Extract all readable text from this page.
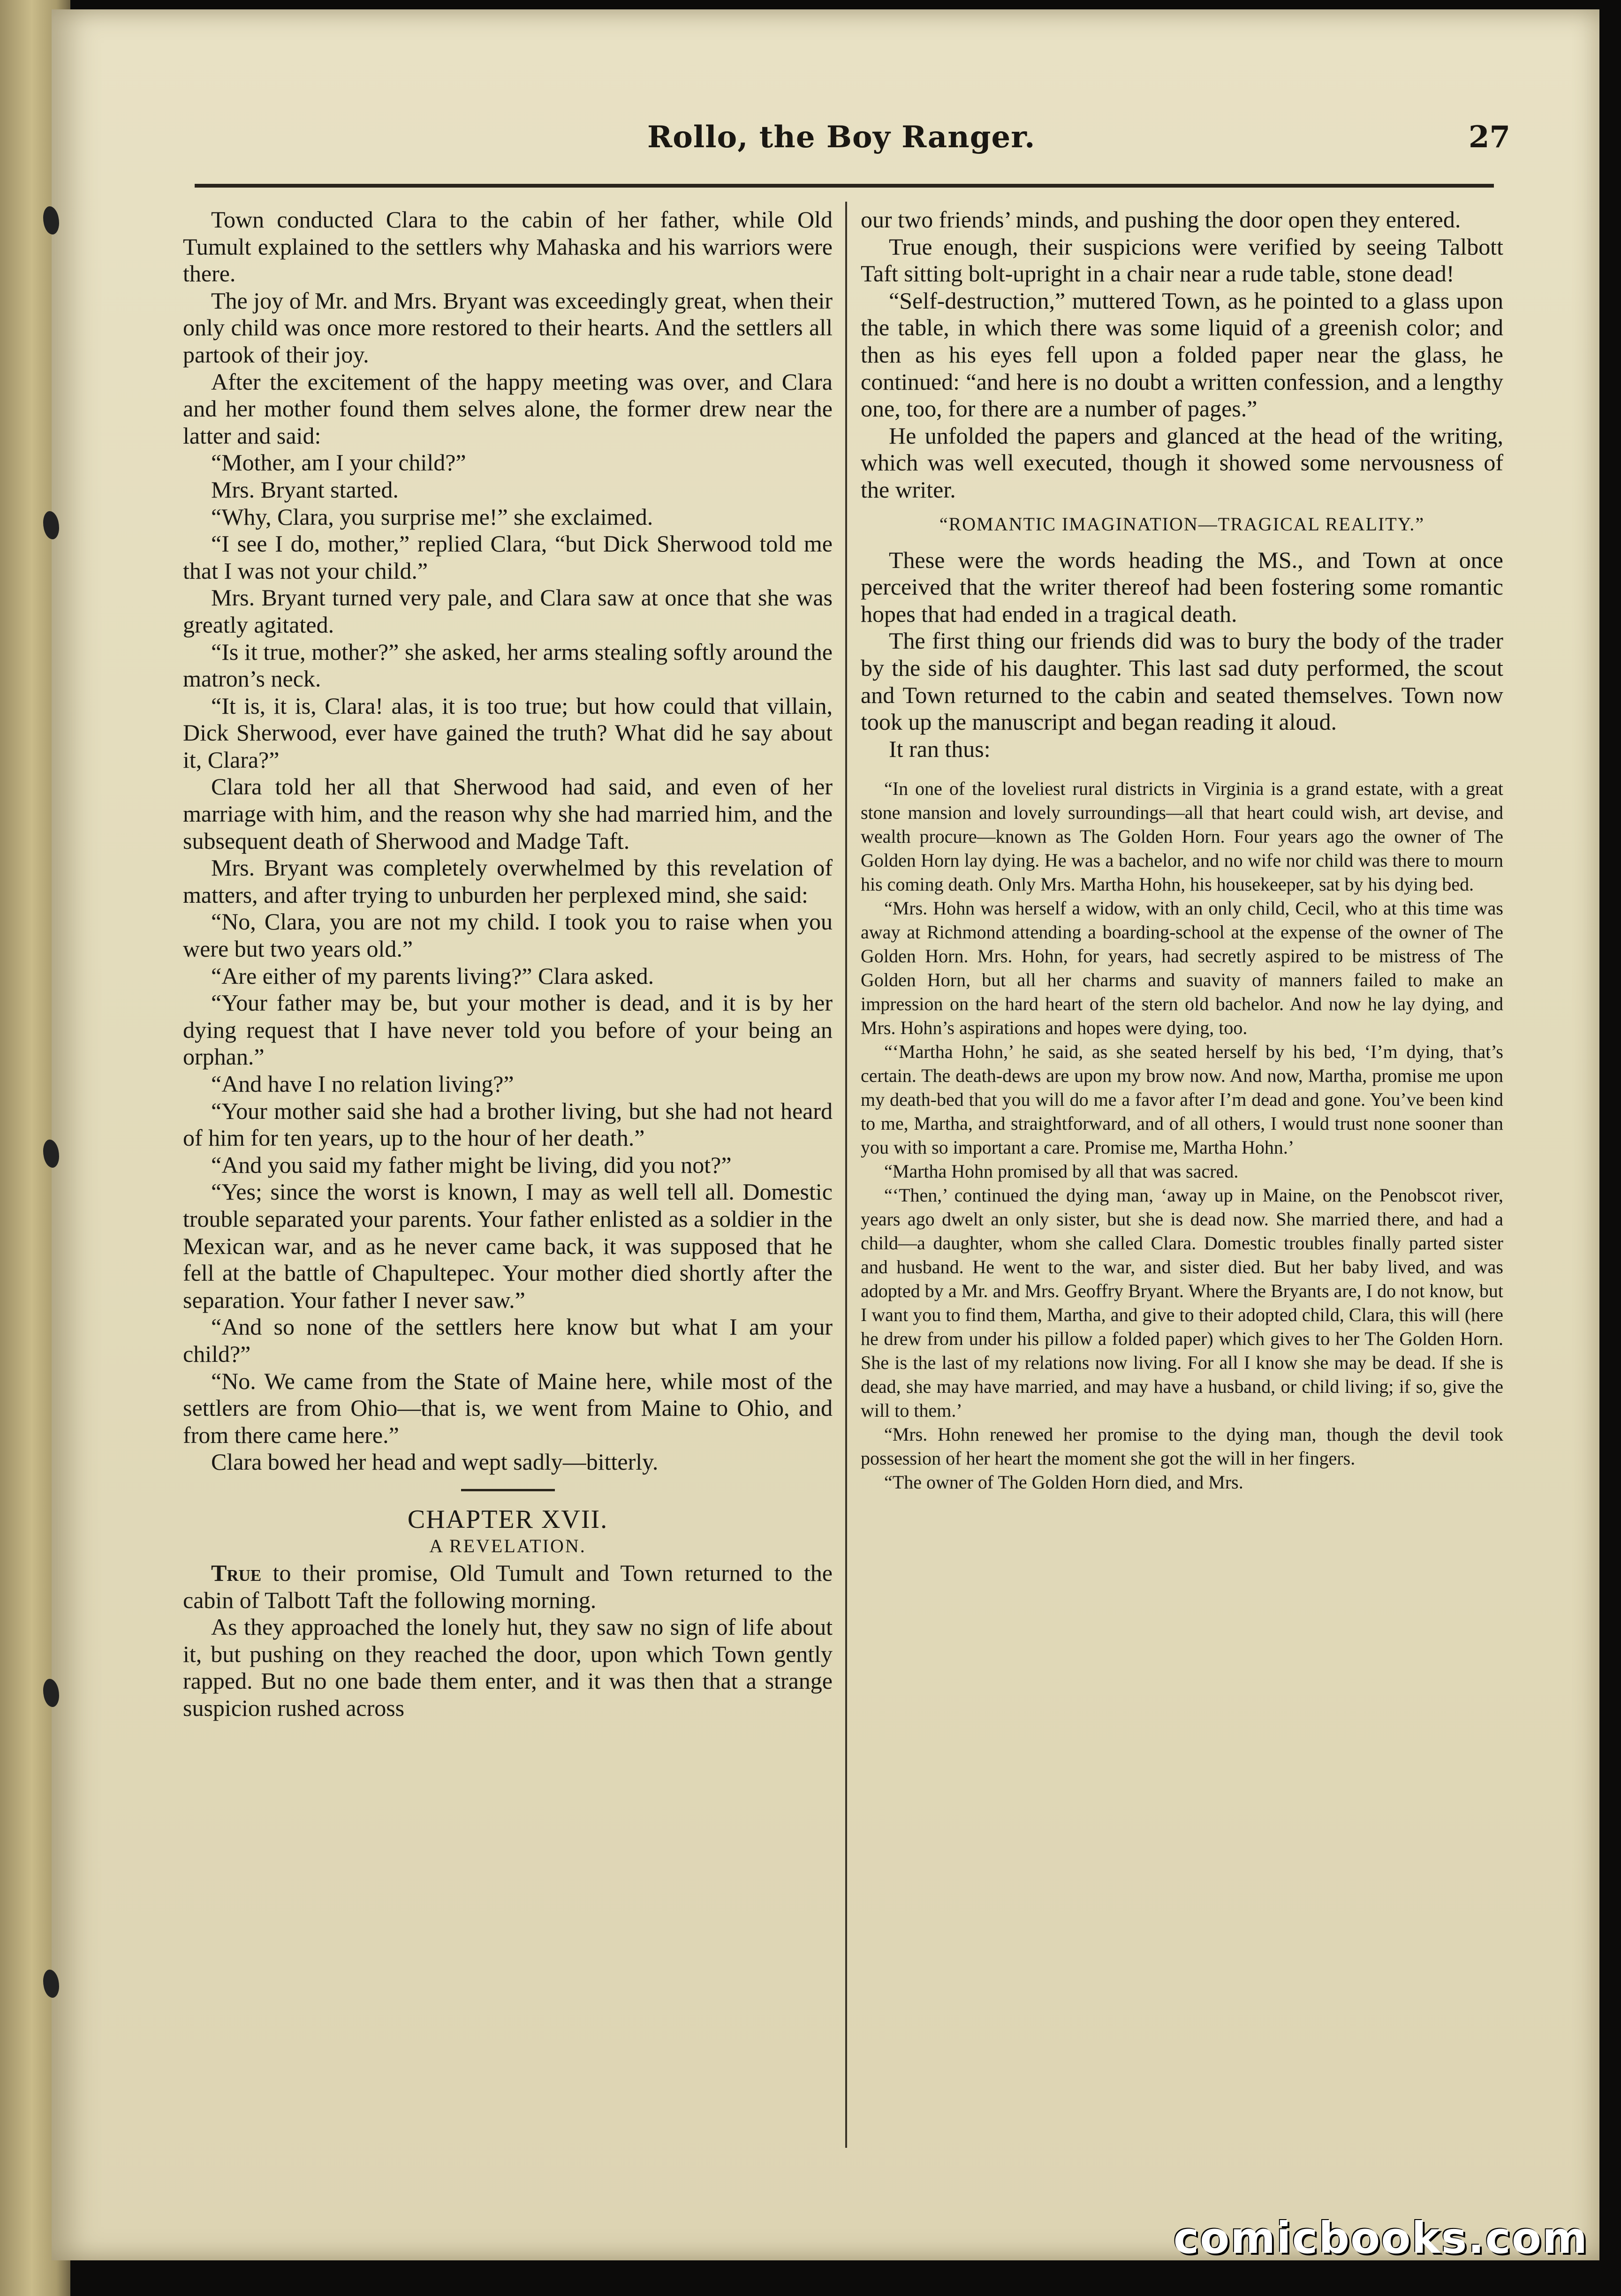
Rollo, the Boy Ranger.	27

Town conducted Clara to the cabin of her father, while Old Tumult explained to the settlers why Mahaska and his warriors were there.

The joy of Mr. and Mrs. Bryant was exceedingly great, when their only child was once more restored to their hearts. And the settlers all partook of their joy.

After the excitement of the happy meeting was over, and Clara and her mother found them selves alone, the former drew near the latter and said:

“Mother, am I your child?”

Mrs. Bryant started.

“Why, Clara, you surprise me!” she exclaimed.

“I see I do, mother,” replied Clara, “but Dick Sherwood told me that I was not your child.”

Mrs. Bryant turned very pale, and Clara saw at once that she was greatly agitated.

“Is it true, mother?” she asked, her arms stealing softly around the matron’s neck.

“It is, it is, Clara! alas, it is too true; but how could that villain, Dick Sherwood, ever have gained the truth? What did he say about it, Clara?”

Clara told her all that Sherwood had said, and even of her marriage with him, and the reason why she had married him, and the subsequent death of Sherwood and Madge Taft.

Mrs. Bryant was completely overwhelmed by this revelation of matters, and after trying to unburden her perplexed mind, she said:

“No, Clara, you are not my child. I took you to raise when you were but two years old.”

“Are either of my parents living?” Clara asked.

“Your father may be, but your mother is dead, and it is by her dying request that I have never told you before of your being an orphan.”

“And have I no relation living?”

“Your mother said she had a brother living, but she had not heard of him for ten years, up to the hour of her death.”

“And you said my father might be living, did you not?”

“Yes; since the worst is known, I may as well tell all. Domestic trouble separated your parents. Your father enlisted as a soldier in the Mexican war, and as he never came back, it was supposed that he fell at the battle of Chapultepec. Your mother died shortly after the separation. Your father I never saw.”

“And so none of the settlers here know but what I am your child?”

“No. We came from the State of Maine here, while most of the settlers are from Ohio—that is, we went from Maine to Ohio, and from there came here.”

Clara bowed her head and wept sadly—bitterly.

CHAPTER XVII.

A REVELATION.

True to their promise, Old Tumult and Town returned to the cabin of Talbott Taft the following morning.

As they approached the lonely hut, they saw no sign of life about it, but pushing on they reached the door, upon which Town gently rapped. But no one bade them enter, and it was then that a strange suspicion rushed across

our two friends’ minds, and pushing the door open they entered.

True enough, their suspicions were verified by seeing Talbott Taft sitting bolt-upright in a chair near a rude table, stone dead!

“Self-destruction,” muttered Town, as he pointed to a glass upon the table, in which there was some liquid of a greenish color; and then as his eyes fell upon a folded paper near the glass, he continued: “and here is no doubt a written confession, and a lengthy one, too, for there are a number of pages.”

He unfolded the papers and glanced at the head of the writing, which was well executed, though it showed some nervousness of the writer.

“ROMANTIC IMAGINATION—TRAGICAL REALITY.”

These were the words heading the MS., and Town at once perceived that the writer thereof had been fostering some romantic hopes that had ended in a tragical death.

The first thing our friends did was to bury the body of the trader by the side of his daughter. This last sad duty performed, the scout and Town returned to the cabin and seated themselves. Town now took up the manuscript and began reading it aloud.

It ran thus:

“In one of the loveliest rural districts in Virginia is a grand estate, with a great stone mansion and lovely surroundings—all that heart could wish, art devise, and wealth procure—known as The Golden Horn. Four years ago the owner of The Golden Horn lay dying. He was a bachelor, and no wife nor child was there to mourn his coming death. Only Mrs. Martha Hohn, his housekeeper, sat by his dying bed.

“Mrs. Hohn was herself a widow, with an only child, Cecil, who at this time was away at Richmond attending a boarding-school at the expense of the owner of The Golden Horn. Mrs. Hohn, for years, had secretly aspired to be mistress of The Golden Horn, but all her charms and suavity of manners failed to make an impression on the hard heart of the stern old bachelor. And now he lay dying, and Mrs. Hohn’s aspirations and hopes were dying, too.

“‘Martha Hohn,’ he said, as she seated herself by his bed, ‘I’m dying, that’s certain. The death-dews are upon my brow now. And now, Martha, promise me upon my death-bed that you will do me a favor after I’m dead and gone. You’ve been kind to me, Martha, and straightforward, and of all others, I would trust none sooner than you with so important a care. Promise me, Martha Hohn.’

“Martha Hohn promised by all that was sacred.

“‘Then,’ continued the dying man, ‘away up in Maine, on the Penobscot river, years ago dwelt an only sister, but she is dead now. She married there, and had a child—a daughter, whom she called Clara. Domestic troubles finally parted sister and husband. He went to the war, and sister died. But her baby lived, and was adopted by a Mr. and Mrs. Geoffry Bryant. Where the Bryants are, I do not know, but I want you to find them, Martha, and give to their adopted child, Clara, this will (here he drew from under his pillow a folded paper) which gives to her The Golden Horn. She is the last of my relations now living. For all I know she may be dead. If she is dead, she may have married, and may have a husband, or child living; if so, give the will to them.’

“Mrs. Hohn renewed her promise to the dying man, though the devil took possession of her heart the moment she got the will in her fingers.

“The owner of The Golden Horn died, and Mrs.

comicbooks.com
